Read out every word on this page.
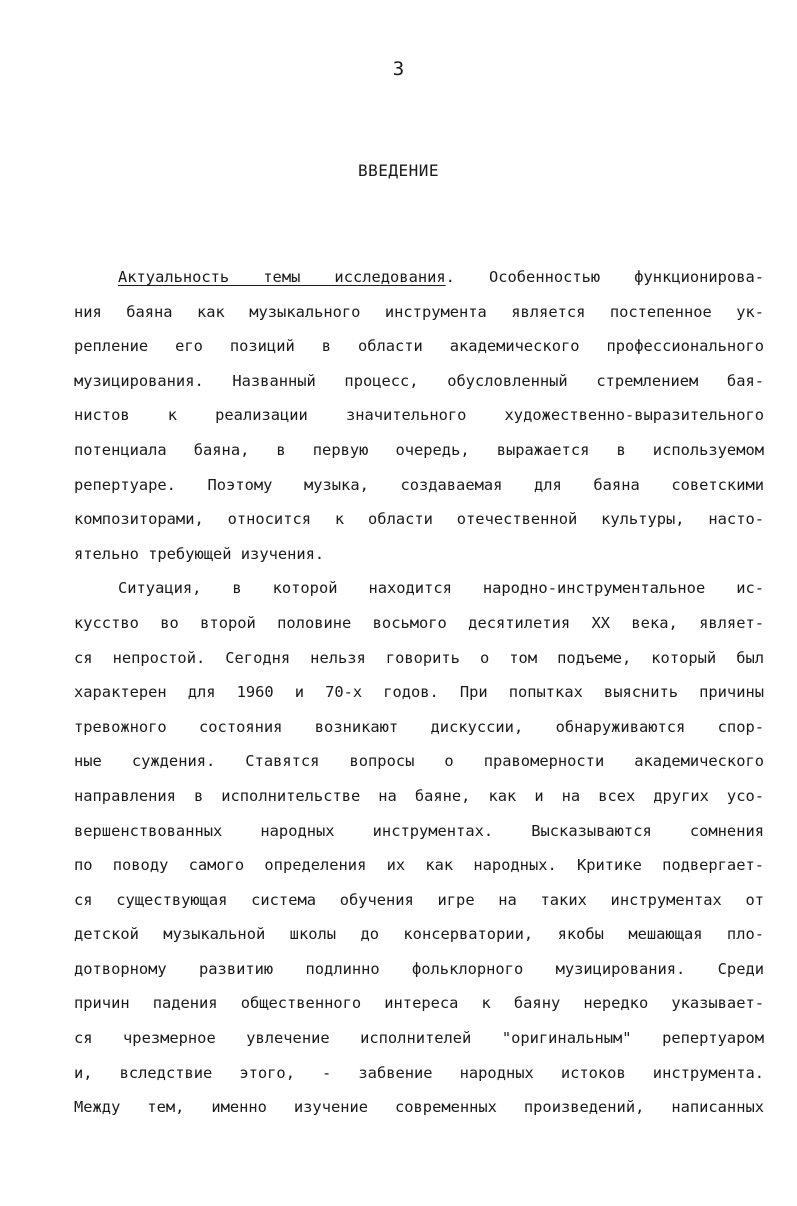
3
ВВЕДЕНИЕ
Актуальность темы исследования. Особенностью функционирова-
ния баяна как музыкального инструмента является постепенное ук-
репление его позиций в области академического профессионального
музицирования. Названный процесс, обусловленный стремлением бая-
нистов к реализации значительного художественно-выразительного
потенциала баяна, в первую очередь, выражается в используемом
репертуаре. Поэтому музыка, создаваемая для баяна советскими
композиторами, относится к области отечественной культуры, насто-
ятельно требующей изучения.
Ситуация, в которой находится народно-инструментальное ис-
кусство во второй половине восьмого десятилетия XX века, являет-
ся непростой. Сегодня нельзя говорить о том подъеме, который был
характерен для 1960 и 70-х годов. При попытках выяснить причины
тревожного состояния возникают дискуссии, обнаруживаются спор-
ные суждения. Ставятся вопросы о правомерности академического
направления в исполнительстве на баяне, как и на всех других усо-
вершенствованных народных инструментах. Высказываются сомнения
по поводу самого определения их как народных. Критике подвергает-
ся существующая система обучения игре на таких инструментах от
детской музыкальной школы до консерватории, якобы мешающая пло-
дотворному развитию подлинно фольклорного музицирования. Среди
причин падения общественного интереса к баяну нередко указывает-
ся чрезмерное увлечение исполнителей "оригинальным" репертуаром
и, вследствие этого, - забвение народных истоков инструмента.
Между тем, именно изучение современных произведений, написанных
